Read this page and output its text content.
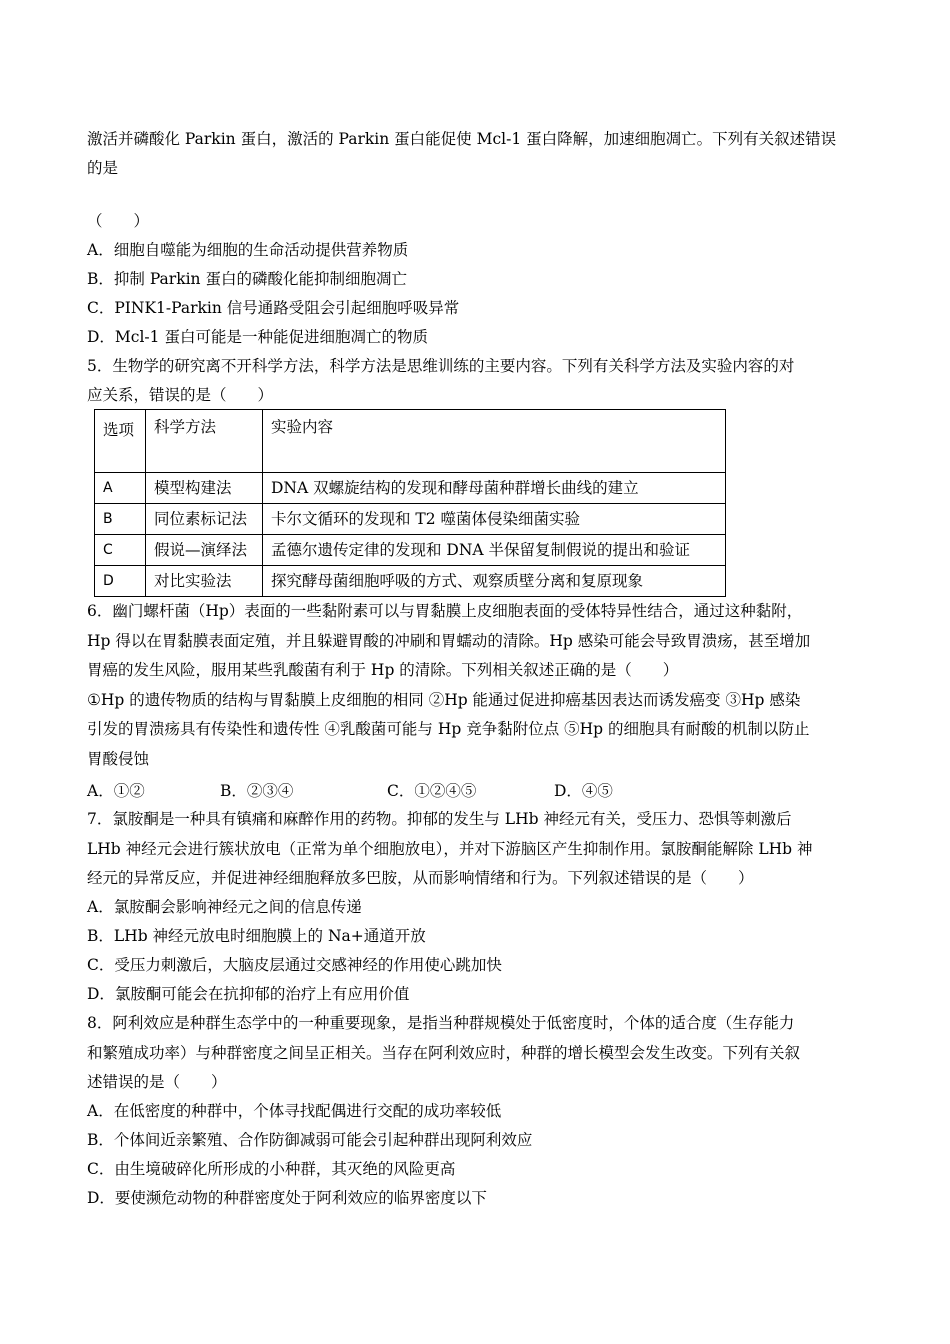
激活并磷酸化 Parkin 蛋白，激活的 Parkin 蛋白能促使 Mcl-1 蛋白降解，加速细胞凋亡。下列有关叙述错误
的是
（　　）
A．细胞自噬能为细胞的生命活动提供营养物质
B．抑制 Parkin 蛋白的磷酸化能抑制细胞凋亡
C．PINK1-Parkin 信号通路受阻会引起细胞呼吸异常
D．Mcl-1 蛋白可能是一种能促进细胞凋亡的物质
5．生物学的研究离不开科学方法，科学方法是思维训练的主要内容。下列有关科学方法及实验内容的对
应关系，错误的是（　　）
选项	科学方法	实验内容
A	模型构建法	DNA 双螺旋结构的发现和酵母菌种群增长曲线的建立
B	同位素标记法	卡尔文循环的发现和 T2 噬菌体侵染细菌实验
C	假说—演绎法	孟德尔遗传定律的发现和 DNA 半保留复制假说的提出和验证
D	对比实验法	探究酵母菌细胞呼吸的方式、观察质壁分离和复原现象
6．幽门螺杆菌（Hp）表面的一些黏附素可以与胃黏膜上皮细胞表面的受体特异性结合，通过这种黏附，
Hp 得以在胃黏膜表面定殖，并且躲避胃酸的冲刷和胃蠕动的清除。Hp 感染可能会导致胃溃疡，甚至增加
胃癌的发生风险，服用某些乳酸菌有利于 Hp 的清除。下列相关叙述正确的是（　　）
①Hp 的遗传物质的结构与胃黏膜上皮细胞的相同 ②Hp 能通过促进抑癌基因表达而诱发癌变 ③Hp 感染
引发的胃溃疡具有传染性和遗传性 ④乳酸菌可能与 Hp 竞争黏附位点 ⑤Hp 的细胞具有耐酸的机制以防止
胃酸侵蚀
A．①②	B．②③④	C．①②④⑤	D．④⑤
7．氯胺酮是一种具有镇痛和麻醉作用的药物。抑郁的发生与 LHb 神经元有关，受压力、恐惧等刺激后
LHb 神经元会进行簇状放电（正常为单个细胞放电），并对下游脑区产生抑制作用。氯胺酮能解除 LHb 神
经元的异常反应，并促进神经细胞释放多巴胺，从而影响情绪和行为。下列叙述错误的是（　　）
A．氯胺酮会影响神经元之间的信息传递
B．LHb 神经元放电时细胞膜上的 Na+通道开放
C．受压力刺激后，大脑皮层通过交感神经的作用使心跳加快
D．氯胺酮可能会在抗抑郁的治疗上有应用价值
8．阿利效应是种群生态学中的一种重要现象，是指当种群规模处于低密度时，个体的适合度（生存能力
和繁殖成功率）与种群密度之间呈正相关。当存在阿利效应时，种群的增长模型会发生改变。下列有关叙
述错误的是（　　）
A．在低密度的种群中，个体寻找配偶进行交配的成功率较低
B．个体间近亲繁殖、合作防御减弱可能会引起种群出现阿利效应
C．由生境破碎化所形成的小种群，其灭绝的风险更高
D．要使濒危动物的种群密度处于阿利效应的临界密度以下
